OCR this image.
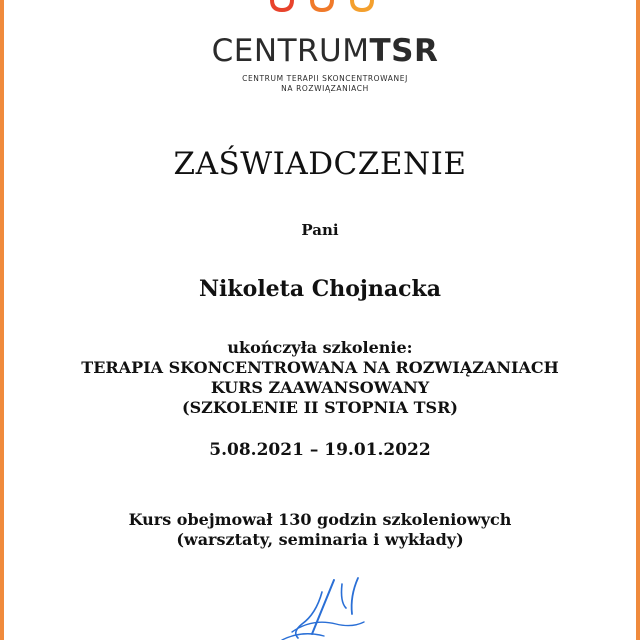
CENTRUMTSR
CENTRUM TERAPII SKONCENTROWANEJ
NA ROZWIĄZANIACH
ZAŚWIADCZENIE
Pani
Nikoleta Chojnacka
ukończyła szkolenie:
TERAPIA SKONCENTROWANA NA ROZWIĄZANIACH
KURS ZAAWANSOWANY
(SZKOLENIE II STOPNIA TSR)
5.08.2021 – 19.01.2022
Kurs obejmował 130 godzin szkoleniowych
(warsztaty, seminaria i wykłady)
